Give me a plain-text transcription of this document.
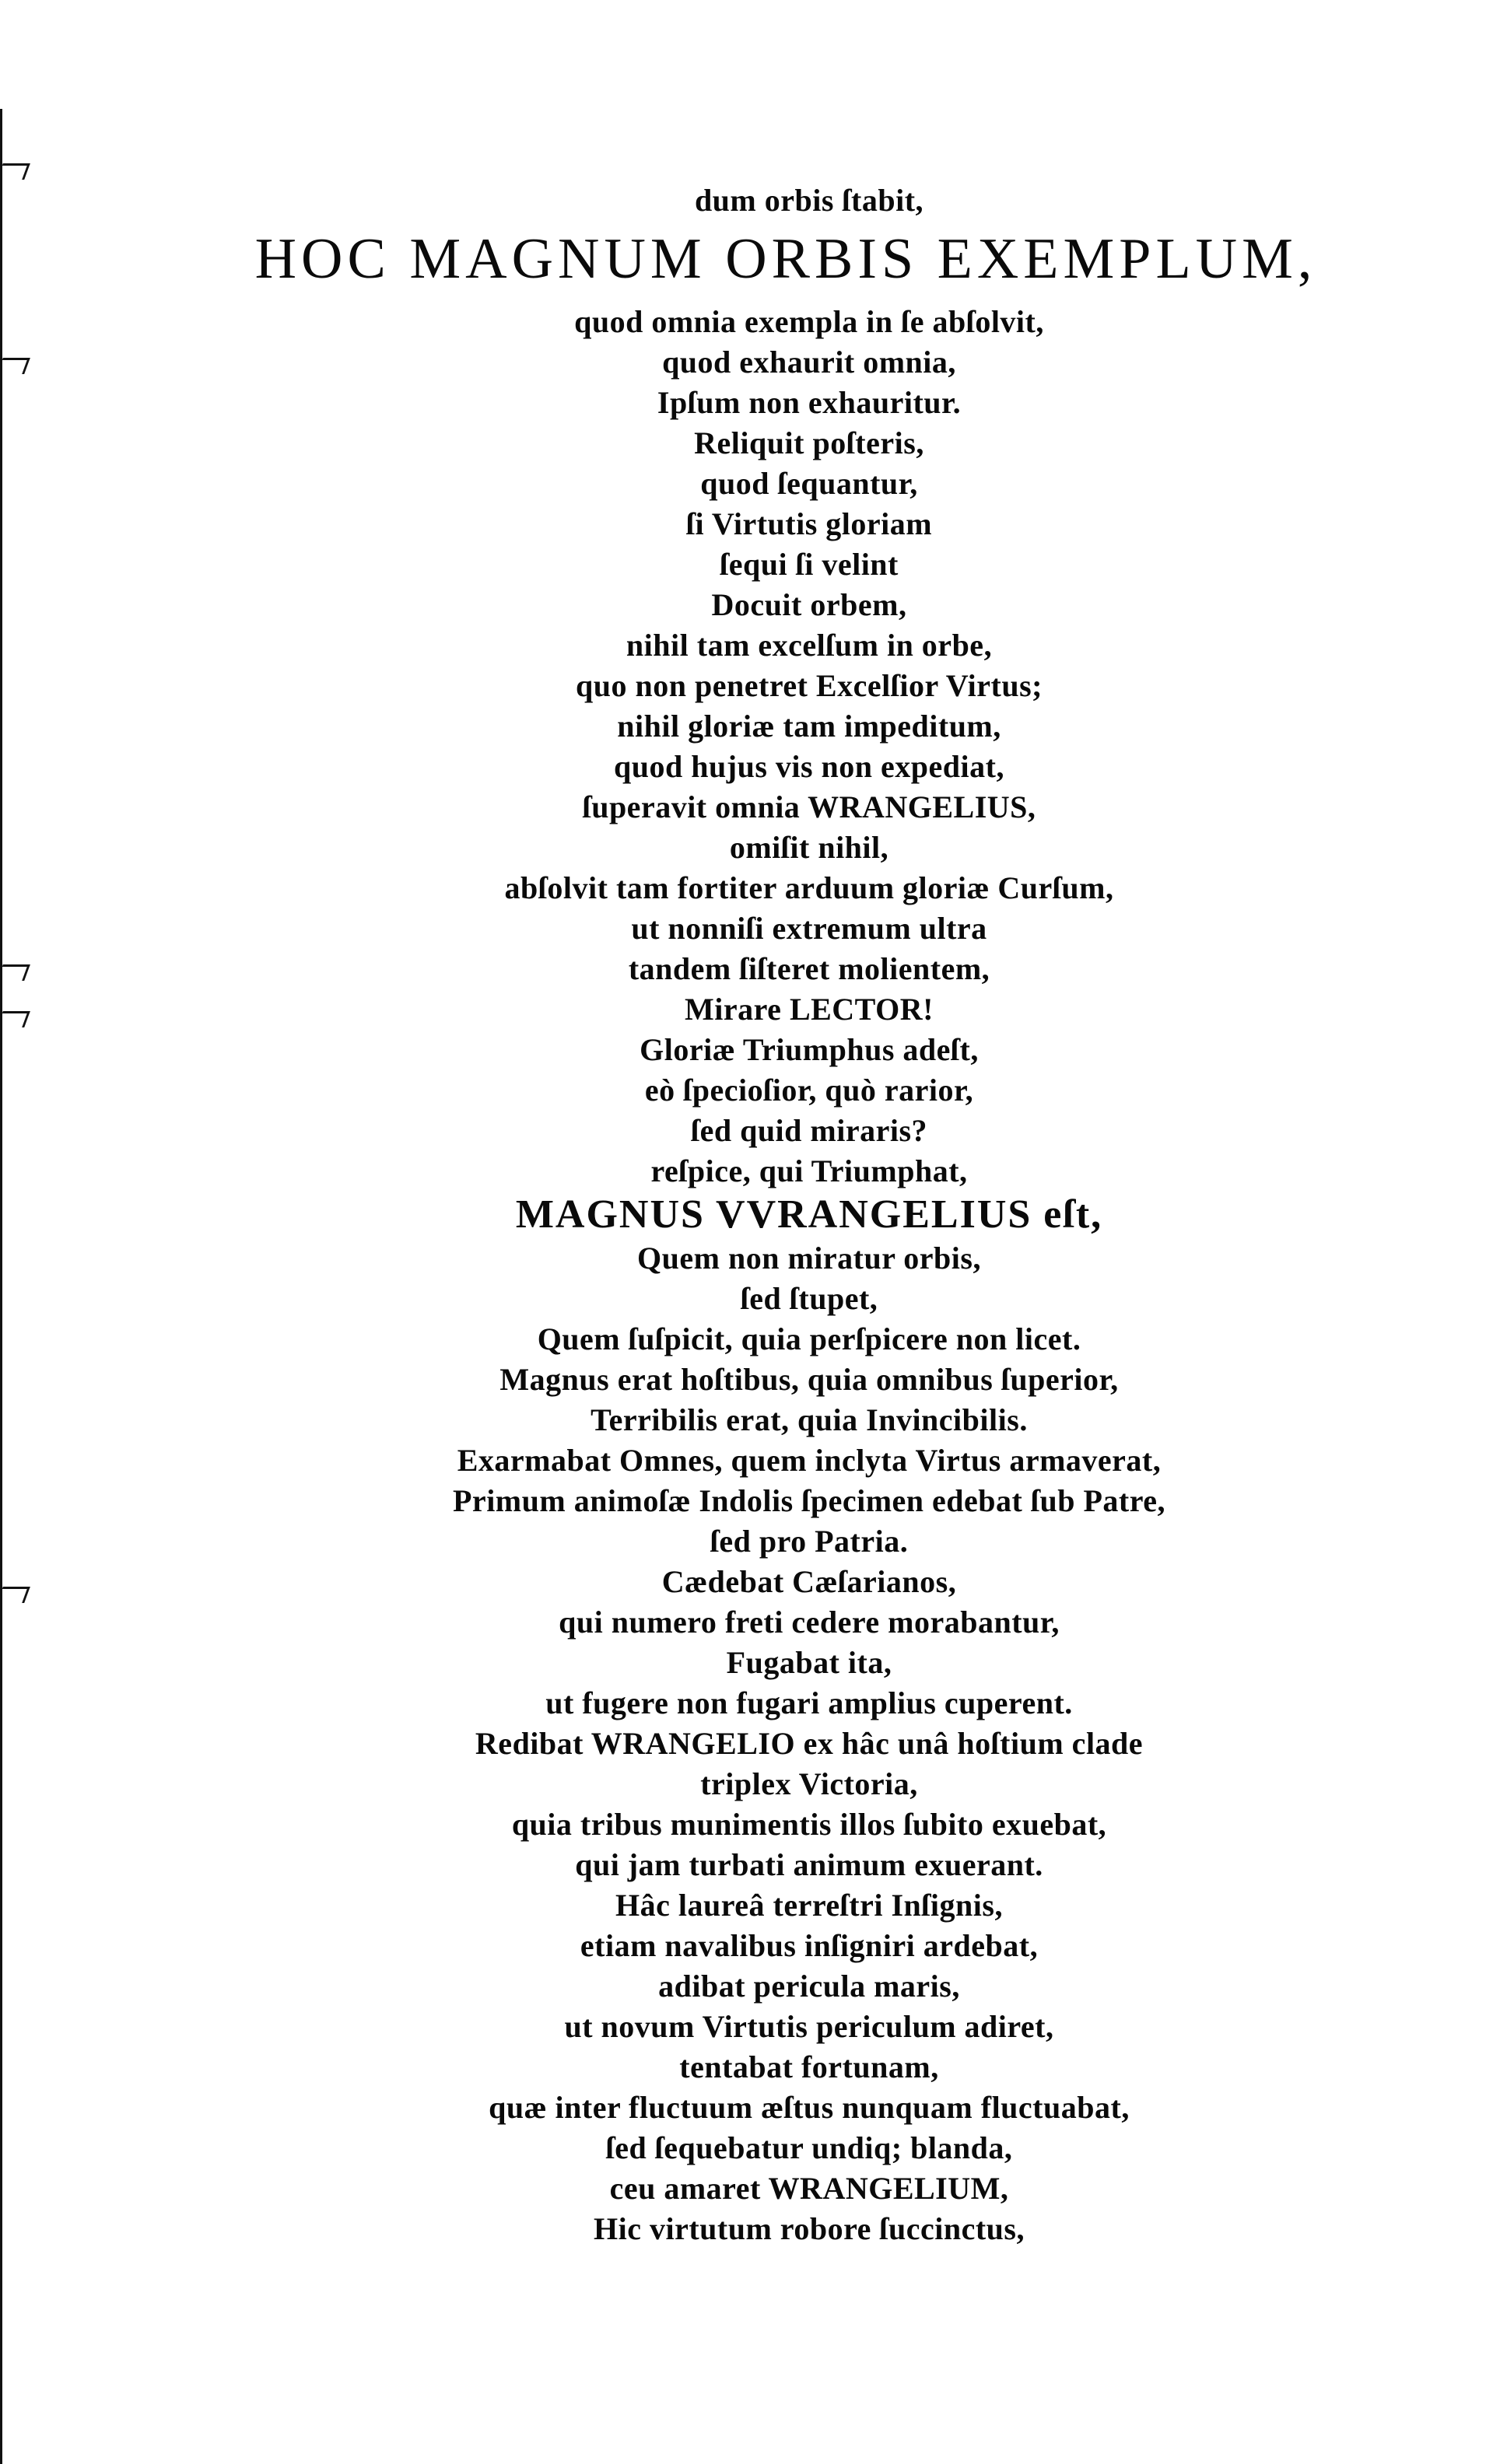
dum orbis ſtabit,
HOC MAGNUM ORBIS EXEMPLUM,
quod omnia exempla in ſe abſolvit,
quod exhaurit omnia,
Ipſum non exhauritur.
Reliquit poſteris,
quod ſequantur,
ſi Virtutis gloriam
ſequi ſi velint
Docuit orbem,
nihil tam excelſum in orbe,
quo non penetret Excelſior Virtus;
nihil gloriæ tam impeditum,
quod hujus vis non expediat,
ſuperavit omnia WRANGELIUS,
omiſit nihil,
abſolvit tam fortiter arduum gloriæ Curſum,
ut nonniſi extremum ultra
tandem ſiſteret molientem,
Mirare LECTOR!
Gloriæ Triumphus adeſt,
eò ſpecioſior, quò rarior,
ſed quid miraris?
reſpice, qui Triumphat,
MAGNUS VVRANGELIUS eſt,
Quem non miratur orbis,
ſed ſtupet,
Quem ſuſpicit, quia perſpicere non licet.
Magnus erat hoſtibus, quia omnibus ſuperior,
Terribilis erat, quia Invincibilis.
Exarmabat Omnes, quem inclyta Virtus armaverat,
Primum animoſæ Indolis ſpecimen edebat ſub Patre,
ſed pro Patria.
Cædebat Cæſarianos,
qui numero freti cedere morabantur,
Fugabat ita,
ut fugere non fugari amplius cuperent.
Redibat WRANGELIO ex hâc unâ hoſtium clade
triplex Victoria,
quia tribus munimentis illos ſubito exuebat,
qui jam turbati animum exuerant.
Hâc laureâ terreſtri Inſignis,
etiam navalibus inſigniri ardebat,
adibat pericula maris,
ut novum Virtutis periculum adiret,
tentabat fortunam,
quæ inter fluctuum æſtus nunquam fluctuabat,
ſed ſequebatur undiq; blanda,
ceu amaret WRANGELIUM,
Hic virtutum robore ſuccinctus,
